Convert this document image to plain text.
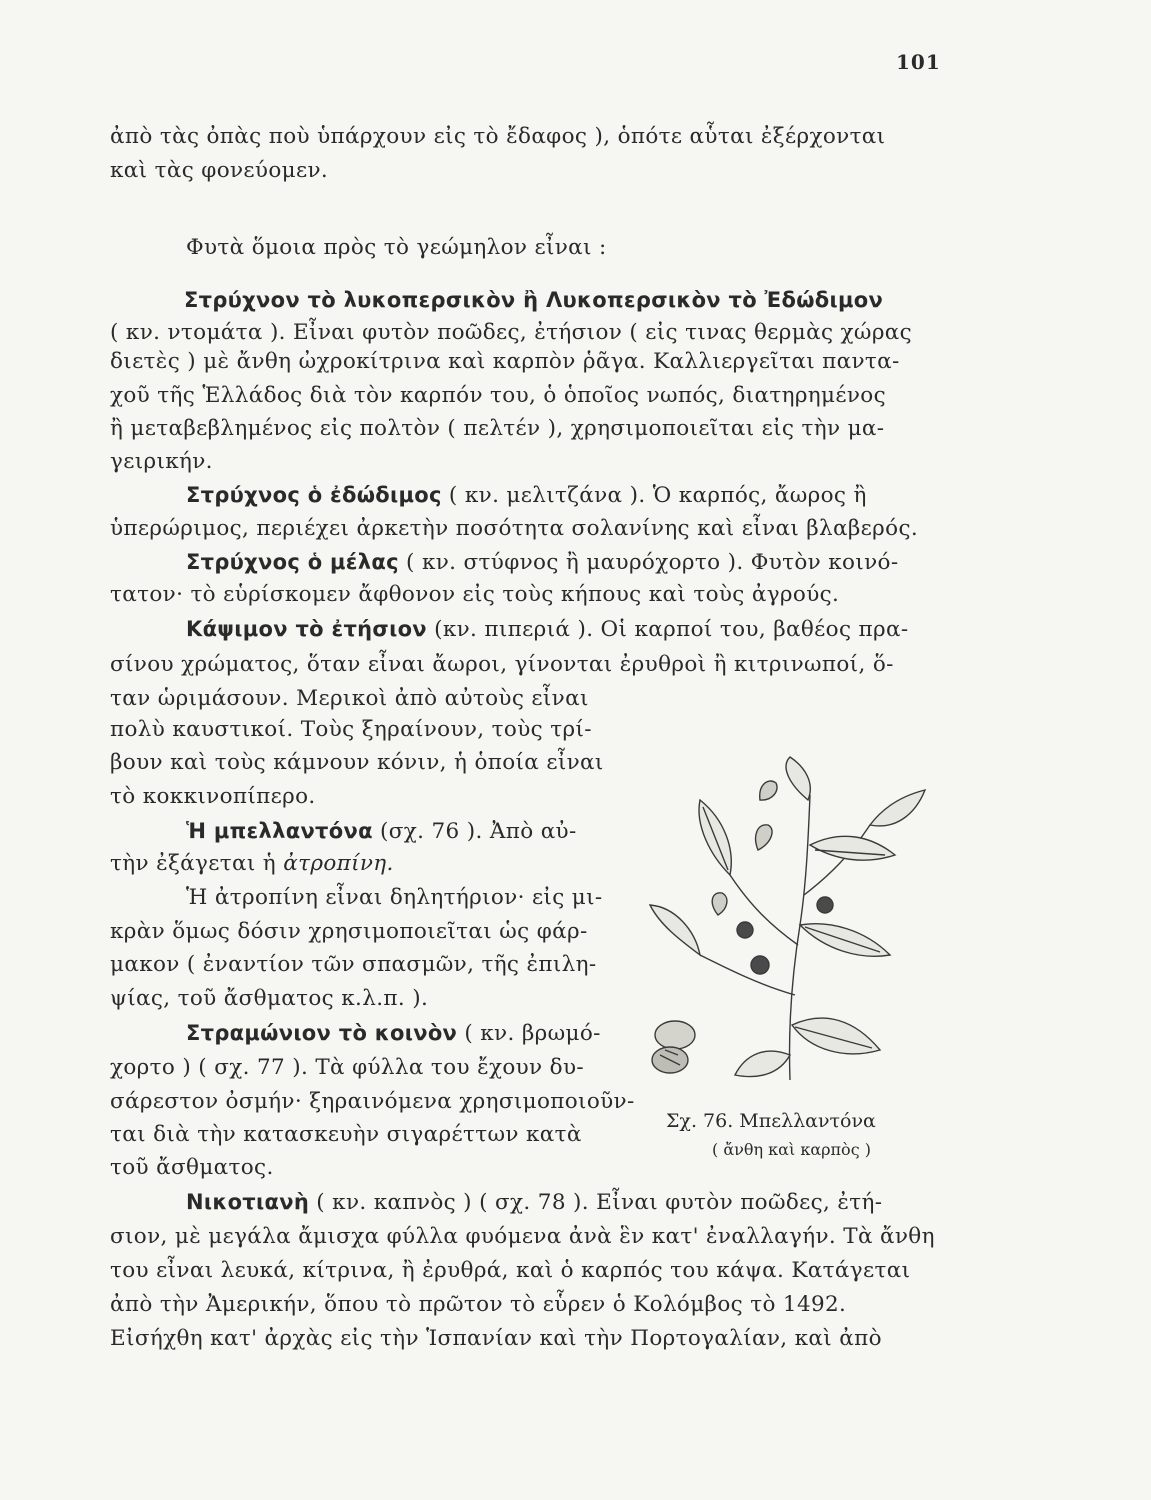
101
ἀπὸ τὰς ὀπὰς ποὺ ὑπάρχουν εἰς τὸ ἔδαφος ), ὁπότε αὗται ἐξέρχονται
καὶ τὰς φονεύομεν.
Φυτὰ ὅμοια πρὸς τὸ γεώμηλον εἶναι :
Στρύχνον τὸ λυκοπερσικὸν ἢ Λυκοπερσικὸν τὸ Ἐδώδιμον
( κν. ντομάτα ). Εἶναι φυτὸν ποῶδες, ἐτήσιον ( εἰς τινας θερμὰς χώρας
διετὲς ) μὲ ἄνθη ὠχροκίτρινα καὶ καρπὸν ῥᾶγα. Καλλιεργεῖται παντα-
χοῦ τῆς Ἑλλάδος διὰ τὸν καρπόν του, ὁ ὁποῖος νωπός, διατηρημένος
ἢ μεταβεβλημένος εἰς πολτὸν ( πελτέν ), χρησιμοποιεῖται εἰς τὴν μα-
γειρικήν.
Στρύχνος ὁ ἐδώδιμος ( κν. μελιτζάνα ). Ὁ καρπός, ἄωρος ἢ
ὑπερώριμος, περιέχει ἀρκετὴν ποσότητα σολανίνης καὶ εἶναι βλαβερός.
Στρύχνος ὁ μέλας ( κν. στύφνος ἢ μαυρόχορτο ). Φυτὸν κοινό-
τατον· τὸ εὑρίσκομεν ἄφθονον εἰς τοὺς κήπους καὶ τοὺς ἀγρούς.
Κάψιμον τὸ ἐτήσιον (κν. πιπεριά ). Οἱ καρποί του, βαθέος πρα-
σίνου χρώματος, ὅταν εἶναι ἄωροι, γίνονται ἐρυθροὶ ἢ κιτρινωποί, ὅ-
ταν ὡριμάσουν. Μερικοὶ ἀπὸ αὐτοὺς εἶναι
πολὺ καυστικοί. Τοὺς ξηραίνουν, τοὺς τρί-
βουν καὶ τοὺς κάμνουν κόνιν, ἡ ὁποία εἶναι
τὸ κοκκινοπίπερο.
Ἡ μπελλαντόνα (σχ. 76 ). Ἀπὸ αὐ-
τὴν ἐξάγεται ἡ ἀτροπίνη.
Ἡ ἀτροπίνη εἶναι δηλητήριον· εἰς μι-
κρὰν ὅμως δόσιν χρησιμοποιεῖται ὡς φάρ-
μακον ( ἐναντίον τῶν σπασμῶν, τῆς ἐπιλη-
ψίας, τοῦ ἄσθματος κ.λ.π. ).
Στραμώνιον τὸ κοινὸν ( κν. βρωμό-
χορτο ) ( σχ. 77 ). Τὰ φύλλα του ἔχουν δυ-
σάρεστον ὀσμήν· ξηραινόμενα χρησιμοποιοῦν-
ται διὰ τὴν κατασκευὴν σιγαρέττων κατὰ
τοῦ ἄσθματος.
Νικοτιανὴ ( κν. καπνὸς ) ( σχ. 78 ). Εἶναι φυτὸν ποῶδες, ἐτή-
σιον, μὲ μεγάλα ἄμισχα φύλλα φυόμενα ἀνὰ ἓν κατ' ἐναλλαγήν. Τὰ ἄνθη
του εἶναι λευκά, κίτρινα, ἢ ἐρυθρά, καὶ ὁ καρπός του κάψα. Κατάγεται
ἀπὸ τὴν Ἀμερικήν, ὅπου τὸ πρῶτον τὸ εὗρεν ὁ Κολόμβος τὸ 1492.
Εἰσήχθη κατ' ἀρχὰς εἰς τὴν Ἱσπανίαν καὶ τὴν Πορτογαλίαν, καὶ ἀπὸ
Σχ. 76. Μπελλαντόνα
( ἄνθη καὶ καρπὸς )
